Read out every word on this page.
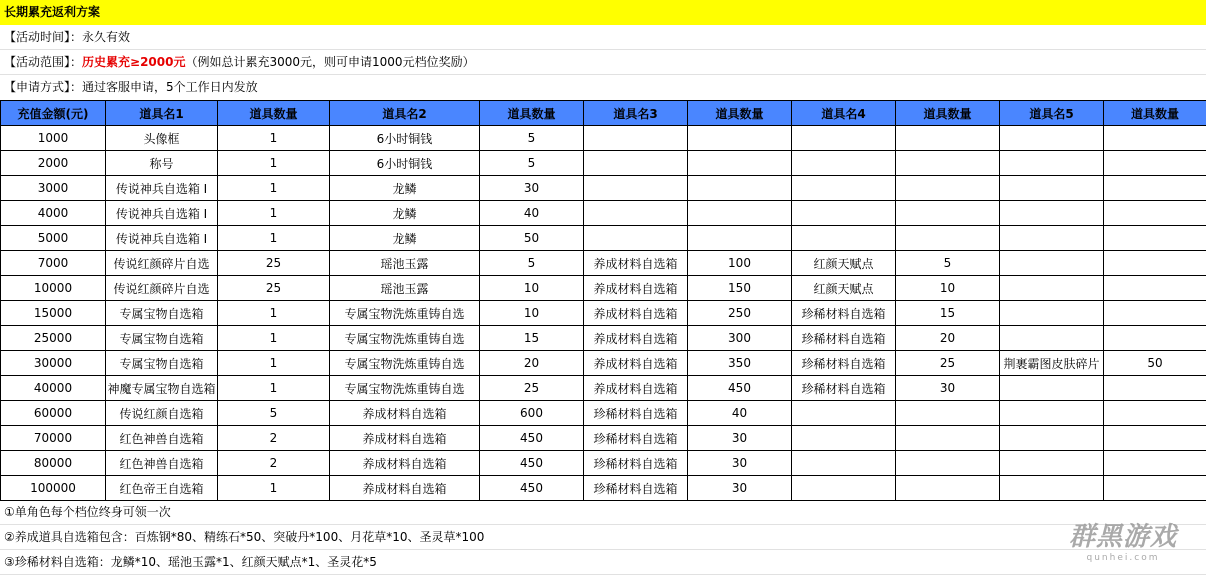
长期累充返利方案
【活动时间】： 永久有效
【活动范围】： 历史累充≥2000元 （例如总计累充3000元，则可申请1000元档位奖励）
【申请方式】： 通过客服申请，5个工作日内发放
充值金额(元)	道具名1	道具数量	道具名2	道具数量	道具名3	道具数量	道具名4	道具数量	道具名5	道具数量
1000	头像框	1	6小时铜钱	5						
2000	称号	1	6小时铜钱	5						
3000	传说神兵自选箱 I	1	龙鳞	30						
4000	传说神兵自选箱 I	1	龙鳞	40						
5000	传说神兵自选箱 I	1	龙鳞	50						
7000	传说红颜碎片自选	25	瑶池玉露	5	养成材料自选箱	100	红颜天赋点	5		
10000	传说红颜碎片自选	25	瑶池玉露	10	养成材料自选箱	150	红颜天赋点	10		
15000	专属宝物自选箱	1	专属宝物洗炼重铸自选	10	养成材料自选箱	250	珍稀材料自选箱	15		
25000	专属宝物自选箱	1	专属宝物洗炼重铸自选	15	养成材料自选箱	300	珍稀材料自选箱	20		
30000	专属宝物自选箱	1	专属宝物洗炼重铸自选	20	养成材料自选箱	350	珍稀材料自选箱	25	荆裹霸图皮肤碎片	50
40000	神魔专属宝物自选箱	1	专属宝物洗炼重铸自选	25	养成材料自选箱	450	珍稀材料自选箱	30		
60000	传说红颜自选箱	5	养成材料自选箱	600	珍稀材料自选箱	40				
70000	红色神兽自选箱	2	养成材料自选箱	450	珍稀材料自选箱	30				
80000	红色神兽自选箱	2	养成材料自选箱	450	珍稀材料自选箱	30				
100000	红色帝王自选箱	1	养成材料自选箱	450	珍稀材料自选箱	30				
①单角色每个档位终身可领一次
②养成道具自选箱包含：百炼钢*80、精练石*50、突破丹*100、月花草*10、圣灵草*100
③珍稀材料自选箱：龙鳞*10、瑶池玉露*1、红颜天赋点*1、圣灵花*5
群黑游戏
qunhei.com
